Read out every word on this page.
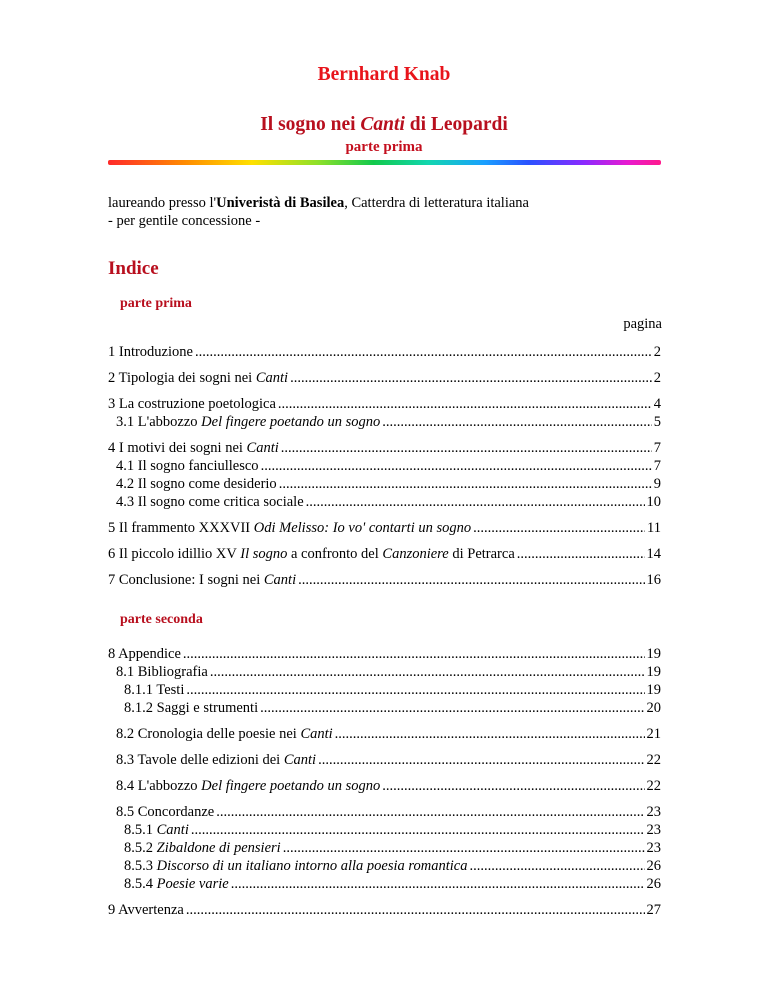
Bernhard Knab
Il sogno nei Canti di Leopardi
parte prima
laureando presso l'Univeristà di Basilea, Catterdra di letteratura italiana
- per gentile concessione -
Indice
parte prima
pagina
1 Introduzione .....	2
2 Tipologia dei sogni nei Canti .....	2
3 La costruzione poetologica .....	4
3.1 L'abbozzo Del fingere poetando un sogno .....	5
4 I motivi dei sogni nei Canti .....	7
4.1 Il sogno fanciullesco .....	7
4.2 Il sogno come desiderio .....	9
4.3 Il sogno come critica sociale .....	10
5 Il frammento XXXVII Odi Melisso: Io vo' contarti un sogno .....	11
6 Il piccolo idillio XV Il sogno a confronto del Canzoniere di Petrarca .....	14
7 Conclusione: I sogni nei Canti .....	16
parte seconda
8 Appendice .....	19
8.1 Bibliografia .....	19
8.1.1 Testi .....	19
8.1.2 Saggi e strumenti .....	20
8.2 Cronologia delle poesie nei Canti .....	21
8.3 Tavole delle edizioni dei Canti .....	22
8.4 L'abbozzo Del fingere poetando un sogno .....	22
8.5 Concordanze .....	23
8.5.1 Canti .....	23
8.5.2 Zibaldone di pensieri .....	23
8.5.3 Discorso di un italiano intorno alla poesia romantica .....	26
8.5.4 Poesie varie .....	26
9 Avvertenza .....	27
